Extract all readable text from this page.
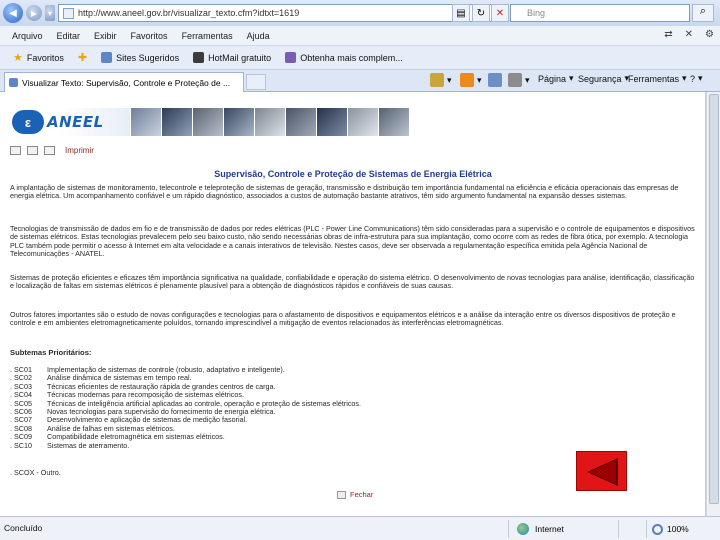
◀	▶	▾	http://www.aneel.gov.br/visualizar_texto.cfm?idtxt=1619	▤	↻	✕	Bing	⌕
Arquivo	Editar	Exibir	Favoritos	Ferramentas	Ajuda	⇄ ✕ ⚙
★ Favoritos ✚	Sites Sugeridos	HotMail gratuito	Obtenha mais complem...
Visualizar Texto: Supervisão, Controle e Proteção de ...	▾	▾	▾ Página ▾ Segurança ▾
Ferramentas ▾ ? ▾
ε	ANEEL
Imprimir
Supervisão, Controle e Proteção de Sistemas de Energia Elétrica
A implantação de sistemas de monitoramento, telecontrole e teleproteção de sistemas de geração, transmissão e distribuição tem importância fundamental na eficiência e eficácia operacionais das empresas de energia elétrica. Um acompanhamento confiável e um rápido diagnóstico, associados a custos de automação bastante atrativos, têm sido argumento fundamental na expansão desses sistemas.
Tecnologias de transmissão de dados em fio e de transmissão de dados por redes elétricas (PLC - Power Line Communications) têm sido consideradas para a supervisão e o controle de equipamentos e dispositivos de sistemas elétricos. Estas tecnologias prevalecem pelo seu baixo custo, não sendo necessárias obras de infra-estrutura para sua implantação, como ocorre com as redes de fibra ótica, por exemplo. A tecnologia PLC também pode permitir o acesso à Internet em alta velocidade e a canais interativos de televisão. Nestes casos, deve ser observada a regulamentação específica emitida pela Agência Nacional de Telecomunicações - ANATEL.
Sistemas de proteção eficientes e eficazes têm importância significativa na qualidade, confiabilidade e operação do sistema elétrico. O desenvolvimento de novas tecnologias para análise, identificação, classificação e localização de faltas em sistemas elétricos é plenamente plausível para a obtenção de diagnósticos rápidos e confiáveis de suas causas.
Outros fatores importantes são o estudo de novas configurações e tecnologias para o afastamento de dispositivos e equipamentos elétricos e a análise da interação entre os diversos dispositivos de proteção e controle e em ambientes eletromagneticamente poluídos, tornando imprescindível a mitigação de eventos relacionados às interferências eletromagnéticas.
Subtemas Prioritários:
. SC01	Implementação de sistemas de controle (robusto, adaptativo e inteligente).
. SC02	Análise dinâmica de sistemas em tempo real.
. SC03	Técnicas eficientes de restauração rápida de grandes centros de carga.
. SC04	Técnicas modernas para recomposição de sistemas elétricos.
. SC05	Técnicas de inteligência artificial aplicadas ao controle, operação e proteção de sistemas elétricos.
. SC06	Novas tecnologias para supervisão do fornecimento de energia elétrica.
. SC07	Desenvolvimento e aplicação de sistemas de medição fasorial.
. SC08	Análise de falhas em sistemas elétricos.
. SC09	Compatibilidade eletromagnética em sistemas elétricos.
. SC10	Sistemas de aterramento.
. SCOX - Outro.
Fechar
Concluído	Internet	100%
